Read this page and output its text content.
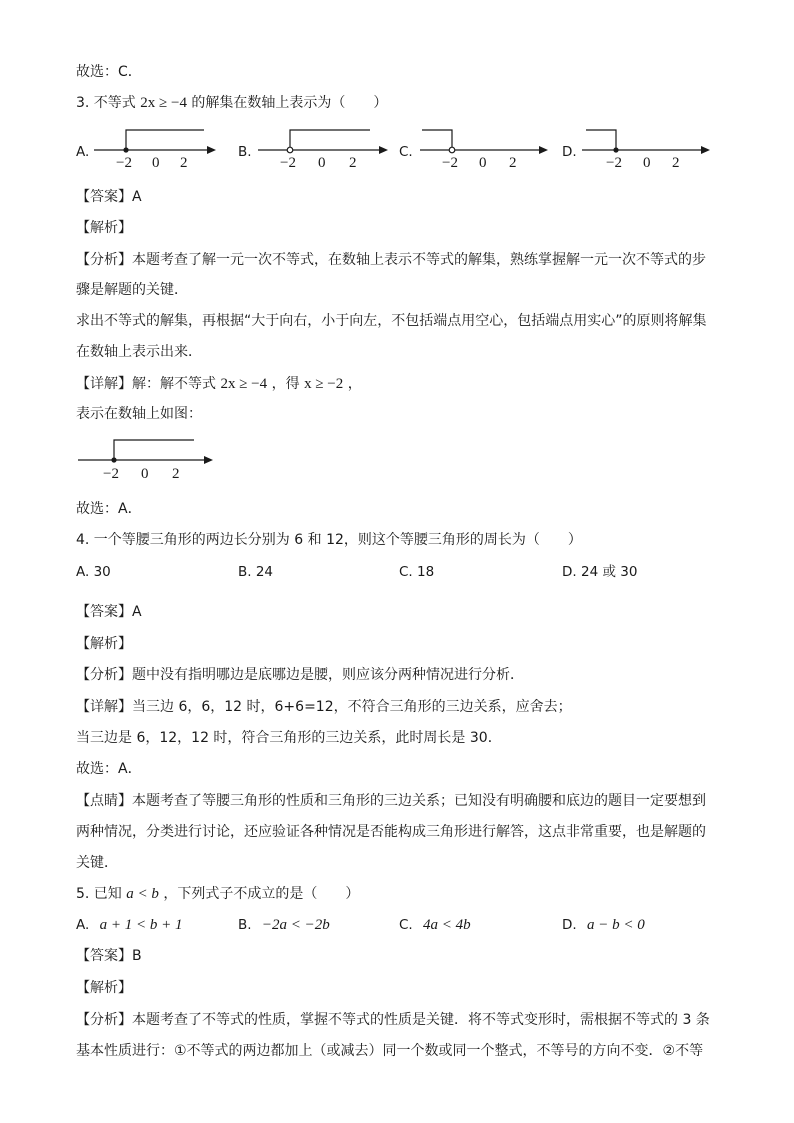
故选：C．
3. 不等式 2x ≥ −4 的解集在数轴上表示为（　　）
A.	B.	C.	D.
−2 0 2	−2 0 2	−2 0 2	−2 0 2
【答案】A
【解析】
【分析】本题考查了解一元一次不等式，在数轴上表示不等式的解集，熟练掌握解一元一次不等式的步
骤是解题的关键．
求出不等式的解集，再根据“大于向右，小于向左，不包括端点用空心，包括端点用实心”的原则将解集
在数轴上表示出来．
【详解】解：解不等式 2x ≥ −4 ，得 x ≥ −2 ，
表示在数轴上如图：
−2 0 2
故选：A．
4. 一个等腰三角形的两边长分别为 6 和 12，则这个等腰三角形的周长为（　　）
A. 30	B. 24	C. 18	D. 24 或 30
【答案】A
【解析】
【分析】题中没有指明哪边是底哪边是腰，则应该分两种情况进行分析．
【详解】当三边 6，6，12 时，6+6=12，不符合三角形的三边关系，应舍去；
当三边是 6，12，12 时，符合三角形的三边关系，此时周长是 30．
故选：A．
【点睛】本题考查了等腰三角形的性质和三角形的三边关系；已知没有明确腰和底边的题目一定要想到
两种情况，分类进行讨论，还应验证各种情况是否能构成三角形进行解答，这点非常重要，也是解题的
关键．
5. 已知 a < b ，下列式子不成立的是（　　）
A. a + 1 < b + 1	B. −2a < −2b	C. 4a < 4b	D. a − b < 0
【答案】B
【解析】
【分析】本题考查了不等式的性质，掌握不等式的性质是关键．将不等式变形时，需根据不等式的 3 条
基本性质进行：①不等式的两边都加上（或减去）同一个数或同一个整式，不等号的方向不变．②不等
